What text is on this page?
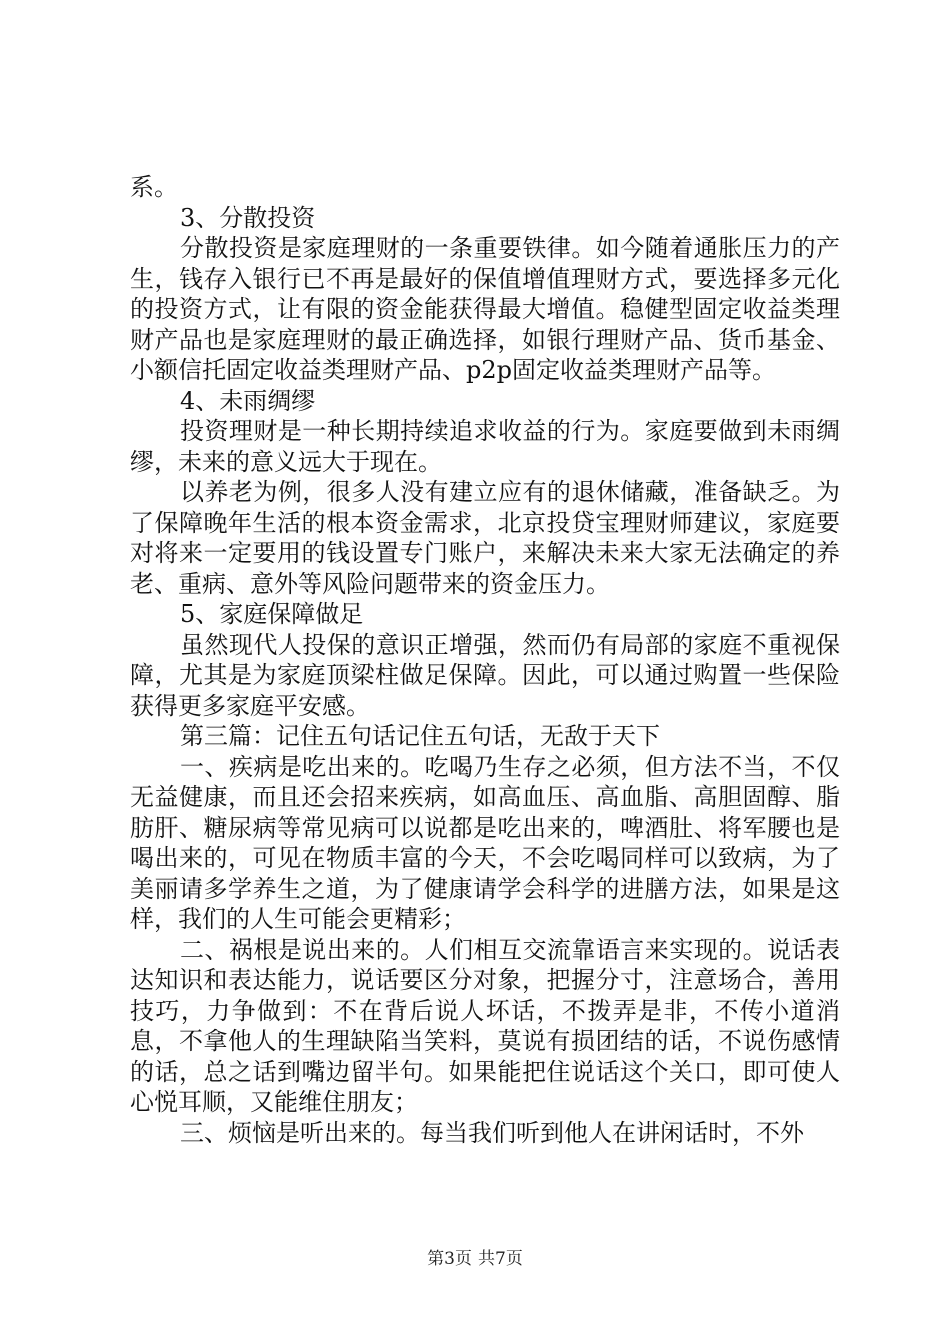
系。

3、分散投资

分散投资是家庭理财的一条重要铁律。如今随着通胀压力的产生，钱存入银行已不再是最好的保值增值理财方式，要选择多元化的投资方式，让有限的资金能获得最大增值。稳健型固定收益类理财产品也是家庭理财的最正确选择，如银行理财产品、货币基金、小额信托固定收益类理财产品、p2p固定收益类理财产品等。

4、未雨绸缪

投资理财是一种长期持续追求收益的行为。家庭要做到未雨绸缪，未来的意义远大于现在。

以养老为例，很多人没有建立应有的退休储藏，准备缺乏。为了保障晚年生活的根本资金需求，北京投贷宝理财师建议，家庭要对将来一定要用的钱设置专门账户，来解决未来大家无法确定的养老、重病、意外等风险问题带来的资金压力。

5、家庭保障做足

虽然现代人投保的意识正增强，然而仍有局部的家庭不重视保障，尤其是为家庭顶梁柱做足保障。因此，可以通过购置一些保险获得更多家庭平安感。

第三篇：记住五句话记住五句话，无敌于天下

一、疾病是吃出来的。吃喝乃生存之必须，但方法不当，不仅无益健康，而且还会招来疾病，如高血压、高血脂、高胆固醇、脂肪肝、糖尿病等常见病可以说都是吃出来的，啤酒肚、将军腰也是喝出来的，可见在物质丰富的今天，不会吃喝同样可以致病，为了美丽请多学养生之道，为了健康请学会科学的进膳方法，如果是这样，我们的人生可能会更精彩；

二、祸根是说出来的。人们相互交流靠语言来实现的。说话表达知识和表达能力，说话要区分对象，把握分寸，注意场合，善用技巧，力争做到：不在背后说人坏话，不拨弄是非，不传小道消息，不拿他人的生理缺陷当笑料，莫说有损团结的话，不说伤感情的话，总之话到嘴边留半句。如果能把住说话这个关口，即可使人心悦耳顺，又能维住朋友；

三、烦恼是听出来的。每当我们听到他人在讲闲话时，不外

第3页 共7页
